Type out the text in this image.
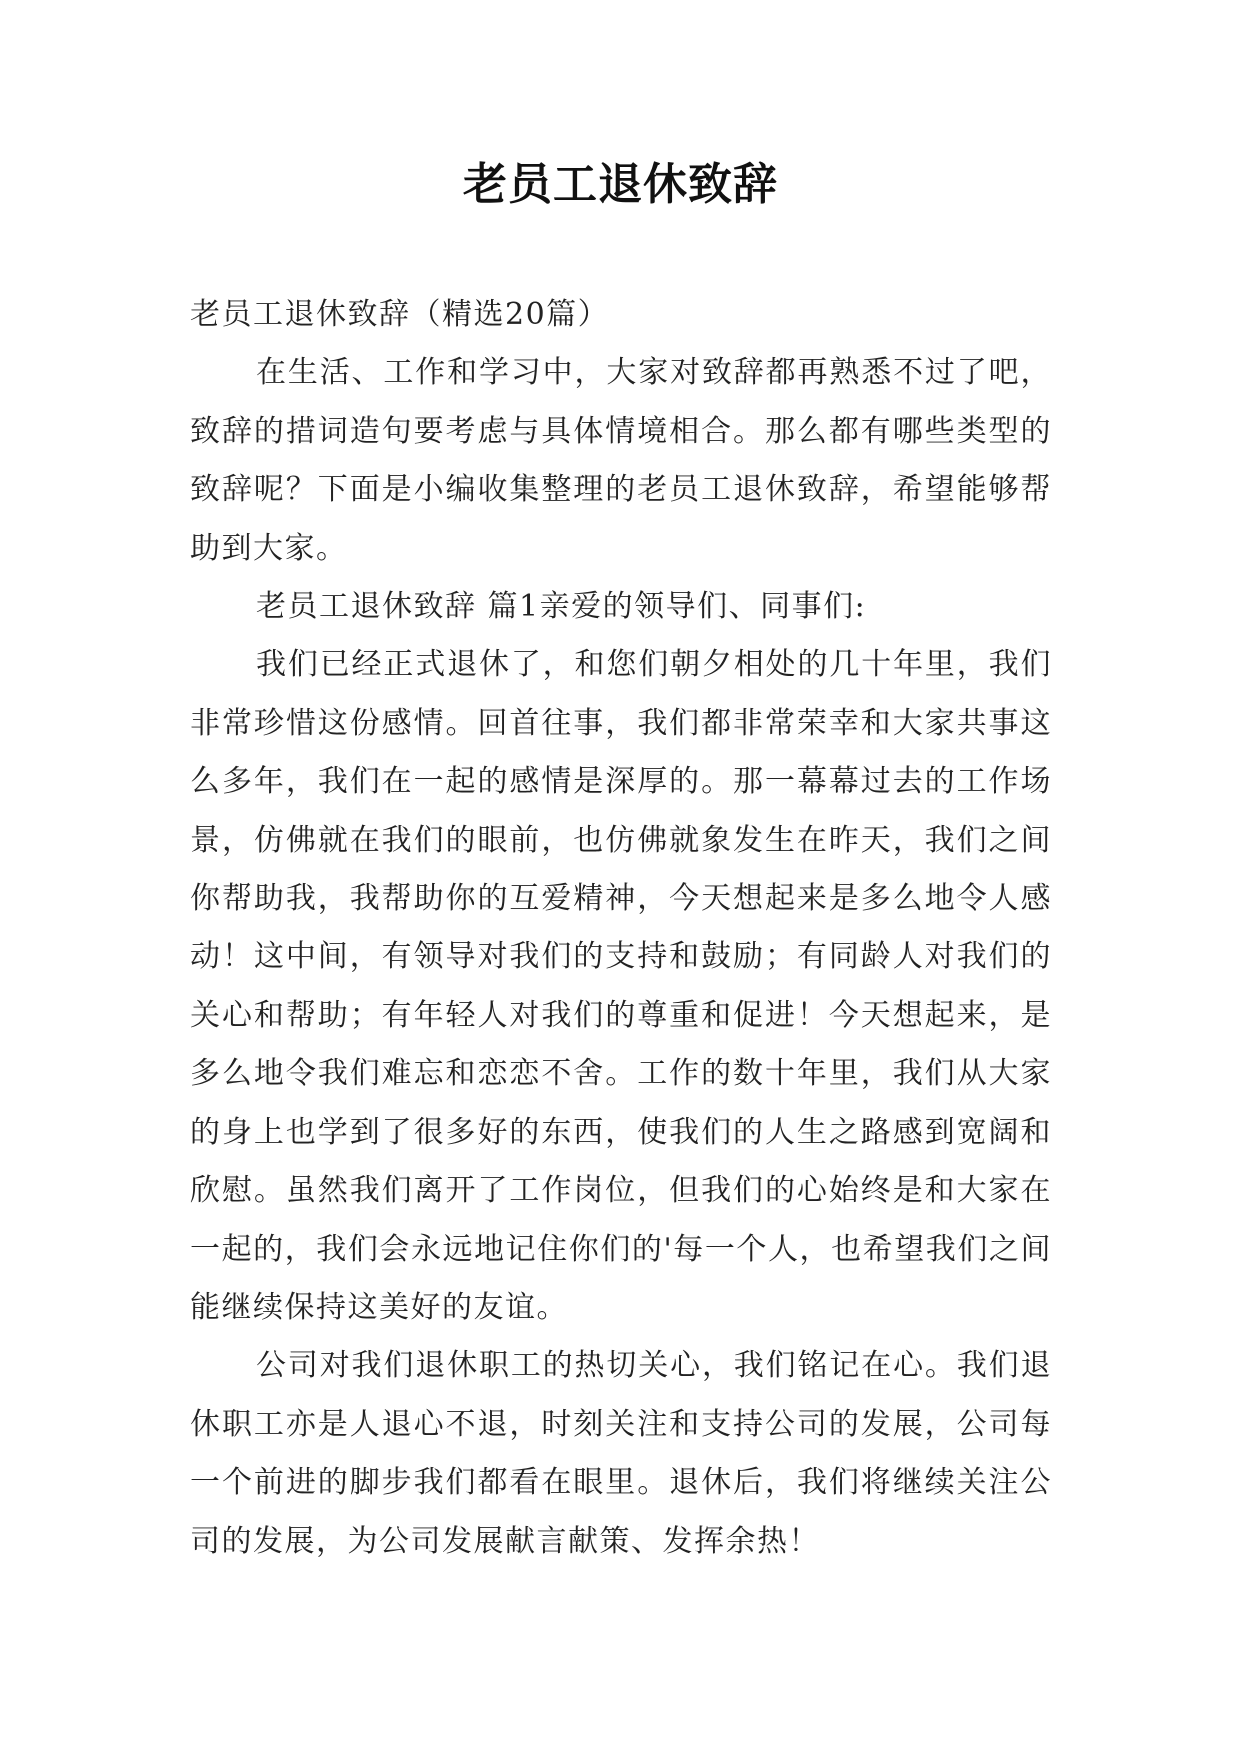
老员工退休致辞

老员工退休致辞（精选20篇）

在生活、工作和学习中，大家对致辞都再熟悉不过了吧，致辞的措词造句要考虑与具体情境相合。那么都有哪些类型的致辞呢？下面是小编收集整理的老员工退休致辞，希望能够帮助到大家。

老员工退休致辞 篇1亲爱的领导们、同事们:

我们已经正式退休了，和您们朝夕相处的几十年里，我们非常珍惜这份感情。回首往事，我们都非常荣幸和大家共事这么多年，我们在一起的感情是深厚的。那一幕幕过去的工作场景，仿佛就在我们的眼前，也仿佛就象发生在昨天，我们之间你帮助我，我帮助你的互爱精神，今天想起来是多么地令人感动！这中间，有领导对我们的支持和鼓励；有同龄人对我们的关心和帮助；有年轻人对我们的尊重和促进！今天想起来，是多么地令我们难忘和恋恋不舍。工作的数十年里，我们从大家的身上也学到了很多好的东西，使我们的人生之路感到宽阔和欣慰。虽然我们离开了工作岗位，但我们的心始终是和大家在一起的，我们会永远地记住你们的'每一个人，也希望我们之间能继续保持这美好的友谊。

公司对我们退休职工的热切关心，我们铭记在心。我们退休职工亦是人退心不退，时刻关注和支持公司的发展，公司每一个前进的脚步我们都看在眼里。退休后，我们将继续关注公司的发展，为公司发展献言献策、发挥余热！
